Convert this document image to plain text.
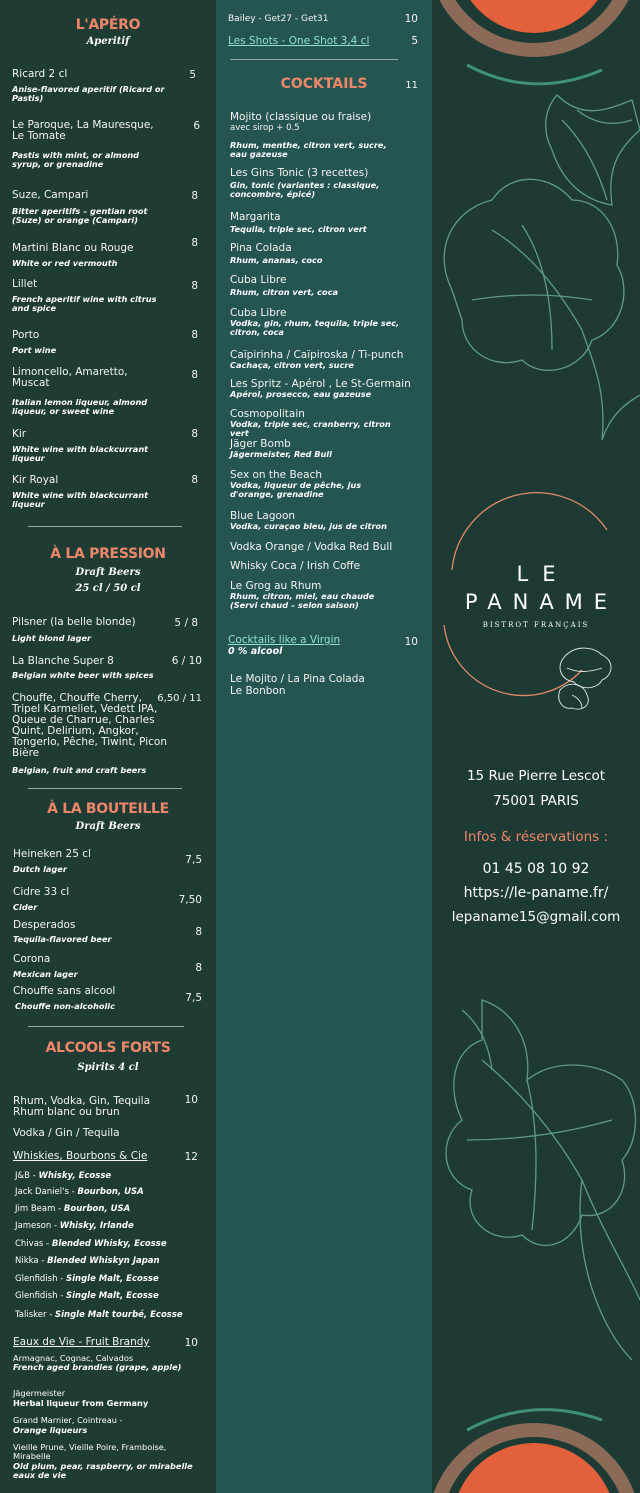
L'APÉRO
Aperitif
Ricard 2 cl	5
Anise-flavored aperitif (Ricard or Pastis)
Le Paroque, La Mauresque, Le Tomate
6
Pastis with mint, or almond syrup, or grenadine
Suze, Campari	8
Bitter aperitifs – gentian root (Suze) or orange (Campari)
Martini Blanc ou Rouge	8
White or red vermouth
Lillet	8
French aperitif wine with citrus and spice
Porto	8
Port wine
Limoncello, Amaretto, Muscat
8
Italian lemon liqueur, almond liqueur, or sweet wine
Kir	8
White wine with blackcurrant liqueur
Kir Royal	8
White wine with blackcurrant liqueur
À LA PRESSION
Draft Beers
25 cl / 50 cl
Pilsner (la belle blonde)	5 / 8
Light blond lager
La Blanche Super 8	6 / 10
Belgian white beer with spices
Chouffe, Chouffe Cherry, Tripel Karmeliet, Vedett IPA, Queue de Charrue, Charles Quint, Delirium, Angkor, Tongerlo, Pêche, Tiwint, Picon Bière
6,50 / 11
Belgian, fruit and craft beers
À LA BOUTEILLE
Draft Beers
Heineken 25 cl	7,5
Dutch lager
Cidre 33 cl
7,50
Cider
Desperados
8
Tequila-flavored beer
Corona
8
Mexican lager
Chouffe sans alcool
7,5
Chouffe non-alcoholic
ALCOOLS FORTS
Spirits 4 cl
Rhum, Vodka, Gin, Tequila Rhum blanc ou brun
10
Vodka / Gin / Tequila
Whiskies, Bourbons & Cie	12
J&B - Whisky, Ecosse
Jack Daniel's - Bourbon, USA
Jim Beam - Bourbon, USA
Jameson - Whisky, Irlande
Chivas - Blended Whisky, Ecosse
Nikka - Blended Whiskyn Japan
Glenfidish - Single Malt, Ecosse
Glenfidish - Single Malt, Ecosse
Talisker - Single Malt tourbé, Ecosse
Eaux de Vie - Fruit Brandy	10
Armagnac, Cognac, Calvados
French aged brandies (grape, apple)
Jägermeister
Herbal liqueur from Germany
Grand Marnier, Cointreau -
Orange liqueurs
Vieille Prune, Vieille Poire, Framboise, Mirabelle
Old plum, pear, raspberry, or mirabelle eaux de vie
Bailey - Get27 - Get31	10
Les Shots - One Shot 3,4 cl	5
COCKTAILS	11
Mojito (classique ou fraise)
avec sirop + 0.5
Rhum, menthe, citron vert, sucre, eau gazeuse
Les Gins Tonic (3 recettes)
Gin, tonic (variantes : classique, concombre, épicé)
Margarita
Tequila, triple sec, citron vert
Pina Colada
Rhum, ananas, coco
Cuba Libre
Rhum, citron vert, coca
Cuba Libre
Vodka, gin, rhum, tequila, triple sec, citron, coca
Caïpirinha / Caïpiroska / Ti-punch
Cachaça, citron vert, sucre
Les Spritz - Apérol , Le St-Germain
Apérol, prosecco, eau gazeuse
Cosmopolitain
Vodka, triple sec, cranberry, citron vert
Jäger Bomb
Jägermeister, Red Bull
Sex on the Beach
Vodka, liqueur de pêche, jus d'orange, grenadine
Blue Lagoon
Vodka, curaçao bleu, jus de citron
Vodka Orange / Vodka Red Bull
Whisky Coca / Irish Coffe
Le Grog au Rhum
Rhum, citron, miel, eau chaude (Servi chaud – selon saison)
Cocktails like a Virgin	10
0 % alcool
Le Mojito / La Pina Colada
Le Bonbon
LE
PANAME
BISTROT FRANÇAIS
15 Rue Pierre Lescot
75001 PARIS
Infos & réservations :
01 45 08 10 92
https://le-paname.fr/
lepaname15@gmail.com
